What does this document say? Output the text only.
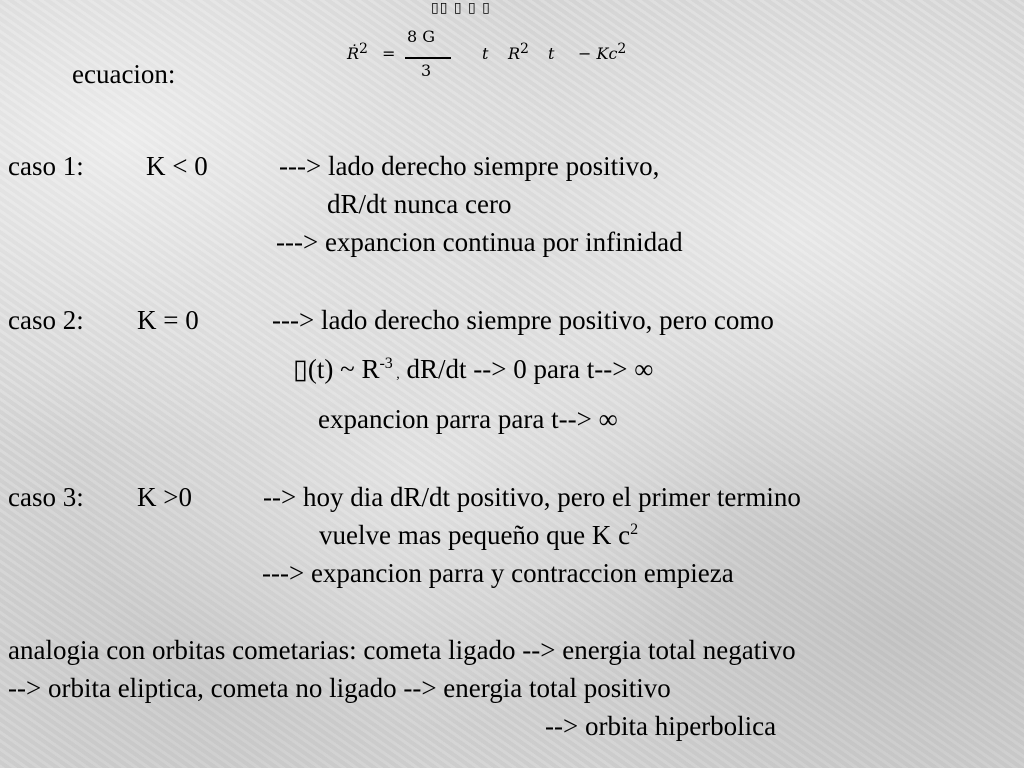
▯▯ ▯ ▯ ▯
Ṙ$^2$ =
8 G
3
t $R^2$ $t - Kc^2$
ecuacion:
caso 1: K < 0	---> lado derecho siempre positivo,
dR/dt nunca cero
---> expancion continua por infinidad
caso 2: K = 0	---> lado derecho siempre positivo, pero como
▯(t) ~ $R^{-3}$ , dR/dt --> 0 para t--> ∞
expancion parra para t--> ∞
caso 3: K >0	--> hoy dia dR/dt positivo, pero el primer termino
vuelve mas pequeño que K $c^2$
---> expancion parra y contraccion empieza
analogia con orbitas cometarias: cometa ligado --> energia total negativo
--> orbita eliptica, cometa no ligado --> energia total positivo
--> orbita hiperbolica
